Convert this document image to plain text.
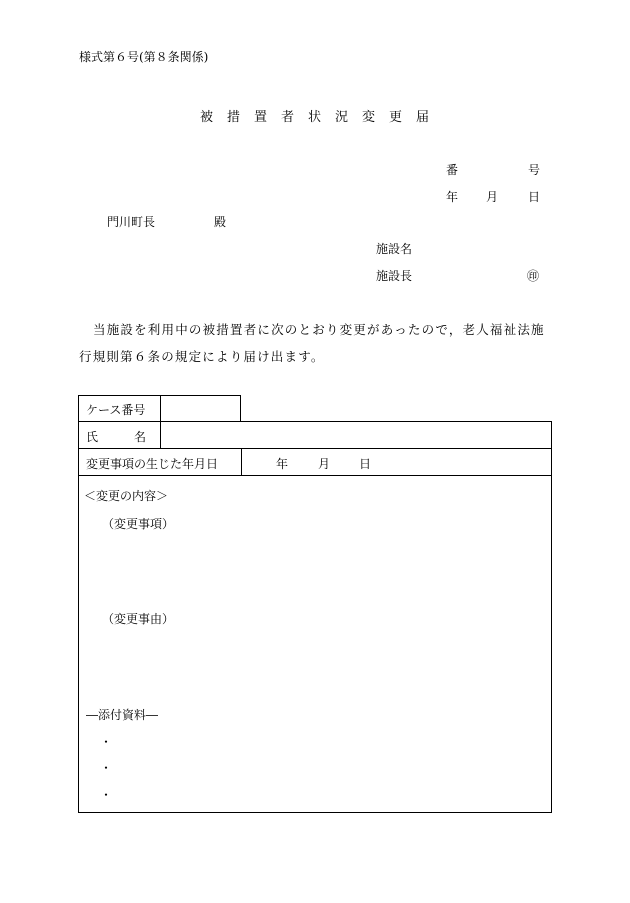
様式第６号(第８条関係)
被措置者状況変更届
番	号
年 月 日
門川町長	殿
施設名
施設長	㊞
当施設を利用中の被措置者に次のとおり変更があったので，老人福祉法施行規則第６条の規定により届け出ます。
ケース番号
氏　　　名
変更事項の生じた年月日	年 月 日
＜変更の内容＞
（変更事項）
（変更事由）
―添付資料―
・
・
・
